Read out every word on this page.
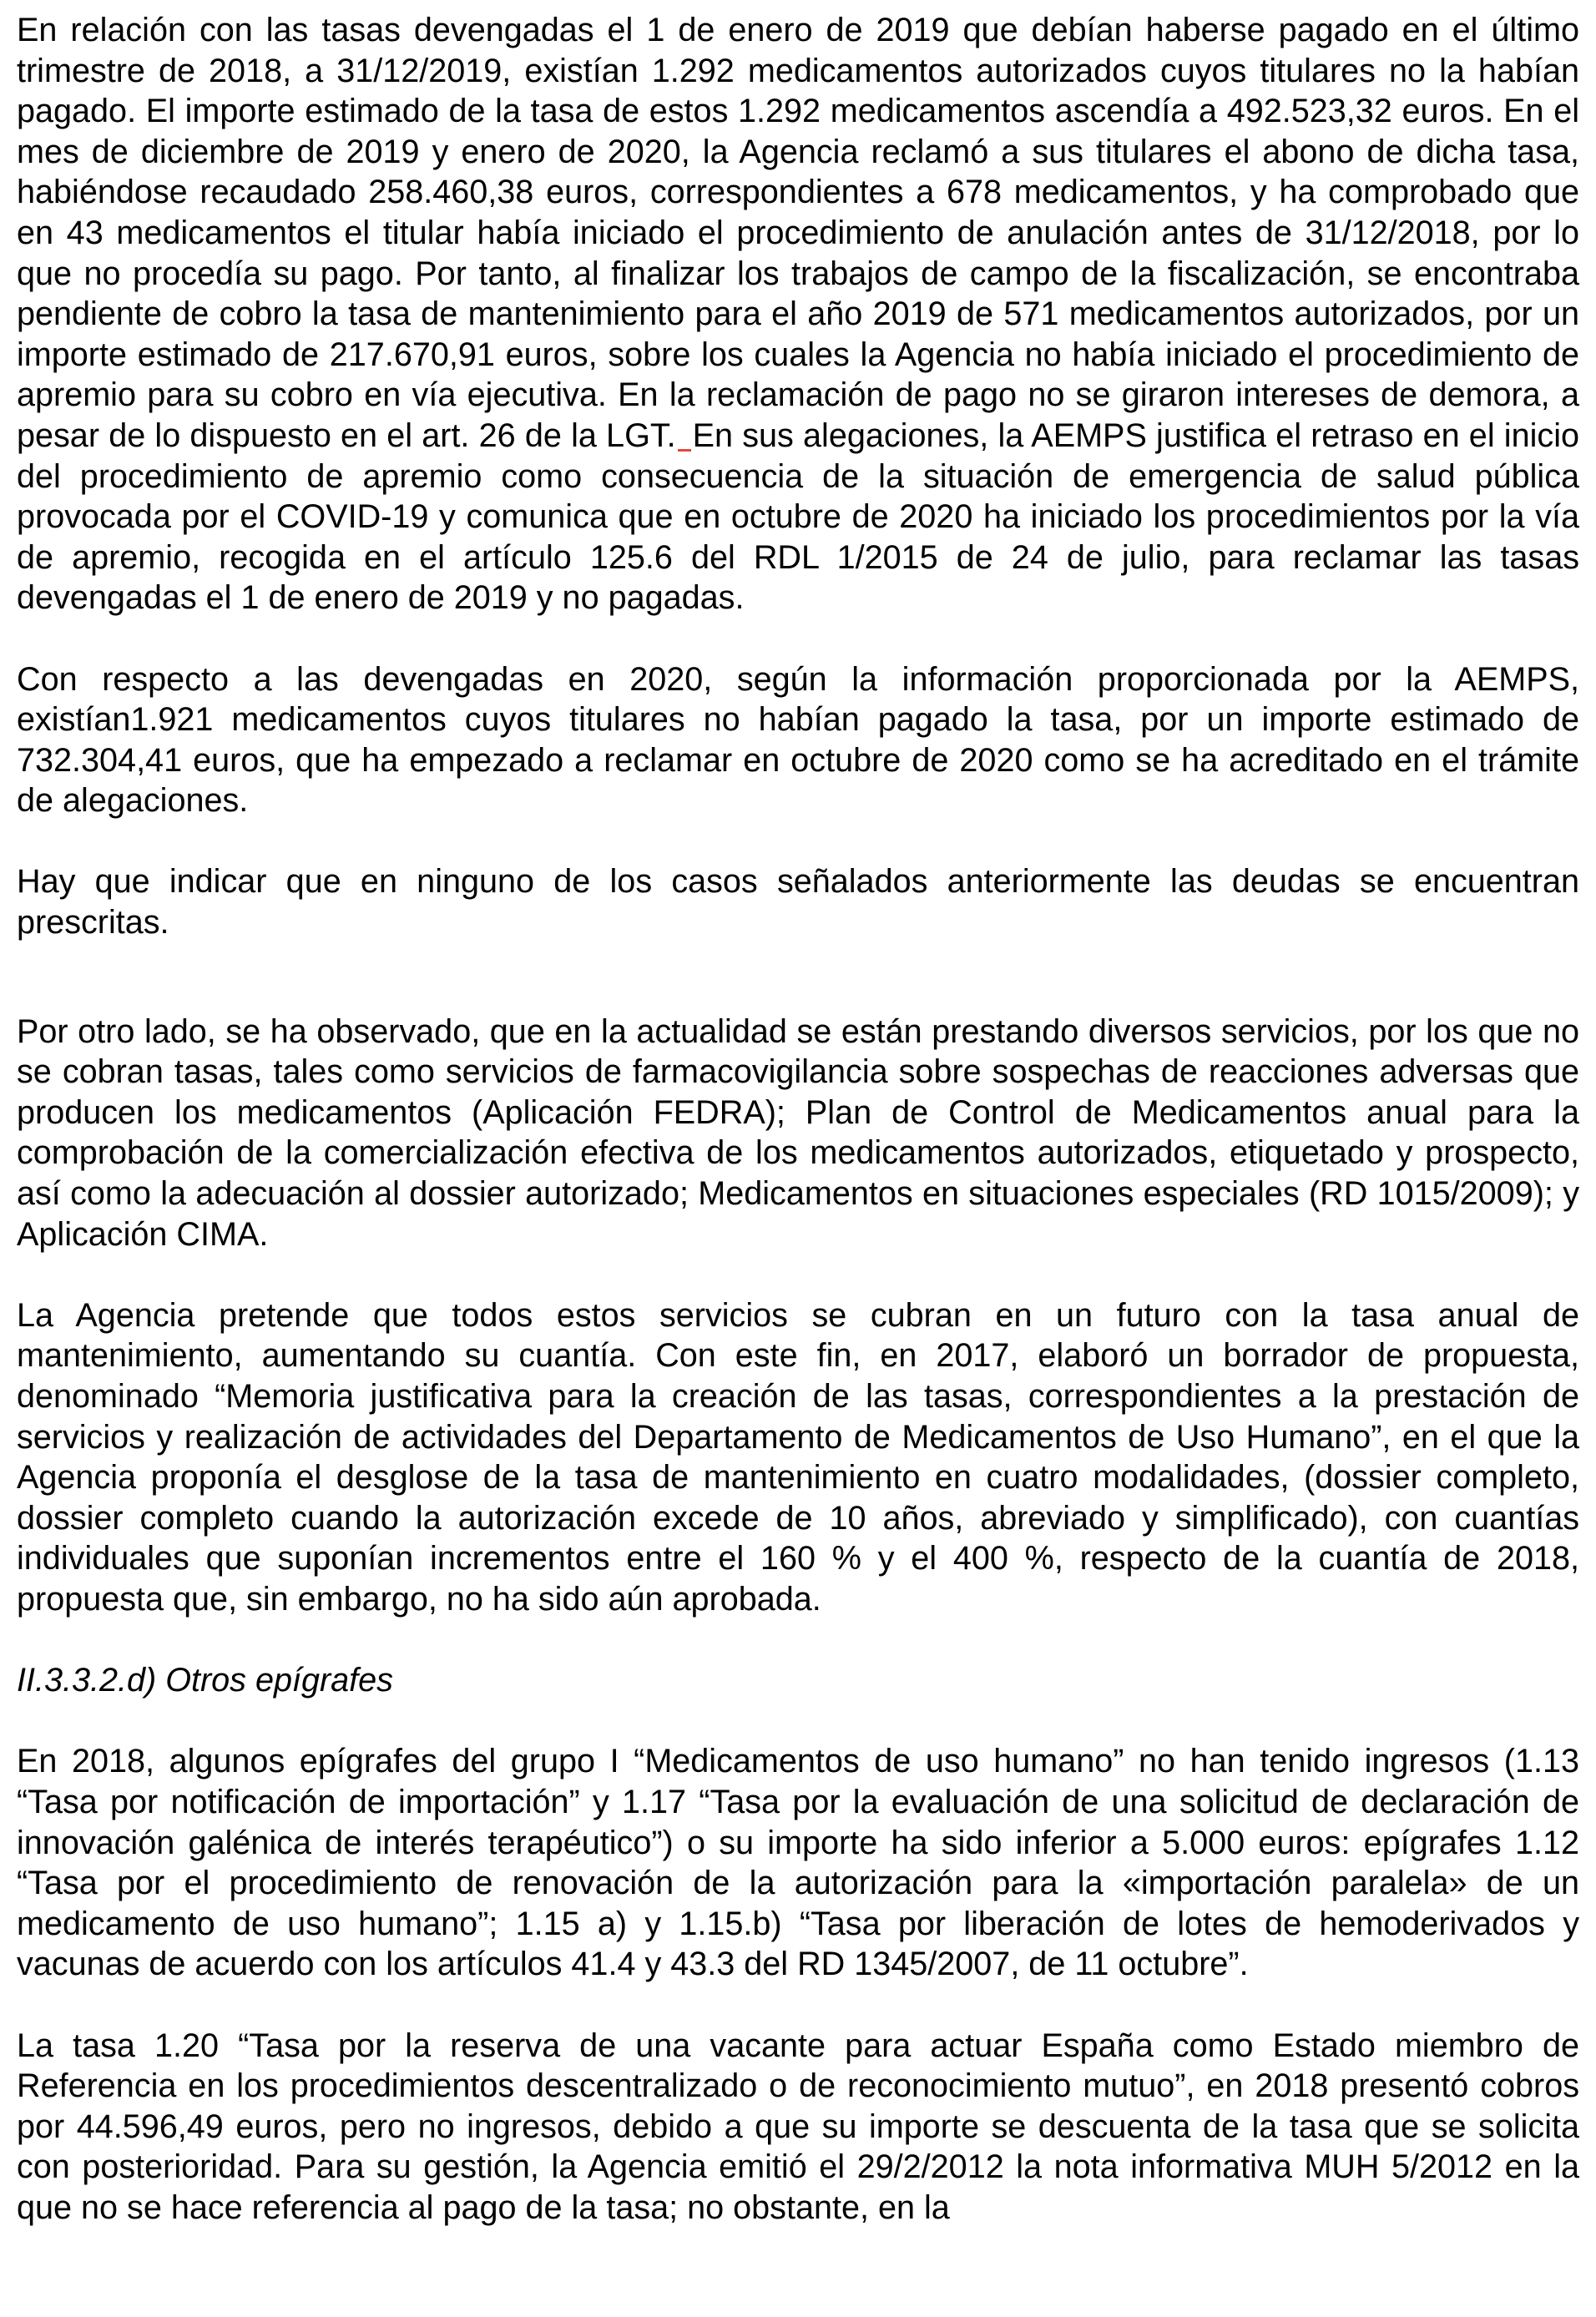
En relación con las tasas devengadas el 1 de enero de 2019 que debían haberse pagado en el último trimestre de 2018, a 31/12/2019, existían 1.292 medicamentos autorizados cuyos titulares no la habían pagado. El importe estimado de la tasa de estos 1.292 medicamentos ascendía a 492.523,32 euros. En el mes de diciembre de 2019 y enero de 2020, la Agencia reclamó a sus titulares el abono de dicha tasa, habiéndose recaudado 258.460,38 euros, correspondientes a 678 medicamentos, y ha comprobado que en 43 medicamentos el titular había iniciado el procedimiento de anulación antes de 31/12/2018, por lo que no procedía su pago. Por tanto, al finalizar los trabajos de campo de la fiscalización, se encontraba pendiente de cobro la tasa de mantenimiento para el año 2019 de 571 medicamentos autorizados, por un importe estimado de 217.670,91 euros, sobre los cuales la Agencia no había iniciado el procedimiento de apremio para su cobro en vía ejecutiva. En la reclamación de pago no se giraron intereses de demora, a pesar de lo dispuesto en el art. 26 de la LGT. En sus alegaciones, la AEMPS justifica el retraso en el inicio del procedimiento de apremio como consecuencia de la situación de emergencia de salud pública provocada por el COVID-19 y comunica que en octubre de 2020 ha iniciado los procedimientos por la vía de apremio, recogida en el artículo 125.6 del RDL 1/2015 de 24 de julio, para reclamar las tasas devengadas el 1 de enero de 2019 y no pagadas.

Con respecto a las devengadas en 2020, según la información proporcionada por la AEMPS, existían1.921 medicamentos cuyos titulares no habían pagado la tasa, por un importe estimado de 732.304,41 euros, que ha empezado a reclamar en octubre de 2020 como se ha acreditado en el trámite de alegaciones.

Hay que indicar que en ninguno de los casos señalados anteriormente las deudas se encuentran prescritas.

Por otro lado, se ha observado, que en la actualidad se están prestando diversos servicios, por los que no se cobran tasas, tales como servicios de farmacovigilancia sobre sospechas de reacciones adversas que producen los medicamentos (Aplicación FEDRA); Plan de Control de Medicamentos anual para la comprobación de la comercialización efectiva de los medicamentos autorizados, etiquetado y prospecto, así como la adecuación al dossier autorizado; Medicamentos en situaciones especiales (RD 1015/2009); y Aplicación CIMA.

La Agencia pretende que todos estos servicios se cubran en un futuro con la tasa anual de mantenimiento, aumentando su cuantía. Con este fin, en 2017, elaboró un borrador de propuesta, denominado “Memoria justificativa para la creación de las tasas, correspondientes a la prestación de servicios y realización de actividades del Departamento de Medicamentos de Uso Humano”, en el que la Agencia proponía el desglose de la tasa de mantenimiento en cuatro modalidades, (dossier completo, dossier completo cuando la autorización excede de 10 años, abreviado y simplificado), con cuantías individuales que suponían incrementos entre el 160 % y el 400 %, respecto de la cuantía de 2018, propuesta que, sin embargo, no ha sido aún aprobada.

II.3.3.2.d) Otros epígrafes

En 2018, algunos epígrafes del grupo I “Medicamentos de uso humano” no han tenido ingresos (1.13 “Tasa por notificación de importación” y 1.17 “Tasa por la evaluación de una solicitud de declaración de innovación galénica de interés terapéutico”) o su importe ha sido inferior a 5.000 euros: epígrafes 1.12 “Tasa por el procedimiento de renovación de la autorización para la «importación paralela» de un medicamento de uso humano”; 1.15 a) y 1.15.b) “Tasa por liberación de lotes de hemoderivados y vacunas de acuerdo con los artículos 41.4 y 43.3 del RD 1345/2007, de 11 octubre”.

La tasa 1.20 “Tasa por la reserva de una vacante para actuar España como Estado miembro de Referencia en los procedimientos descentralizado o de reconocimiento mutuo”, en 2018 presentó cobros por 44.596,49 euros, pero no ingresos, debido a que su importe se descuenta de la tasa que se solicita con posterioridad. Para su gestión, la Agencia emitió el 29/2/2012 la nota informativa MUH 5/2012 en la que no se hace referencia al pago de la tasa; no obstante, en la
